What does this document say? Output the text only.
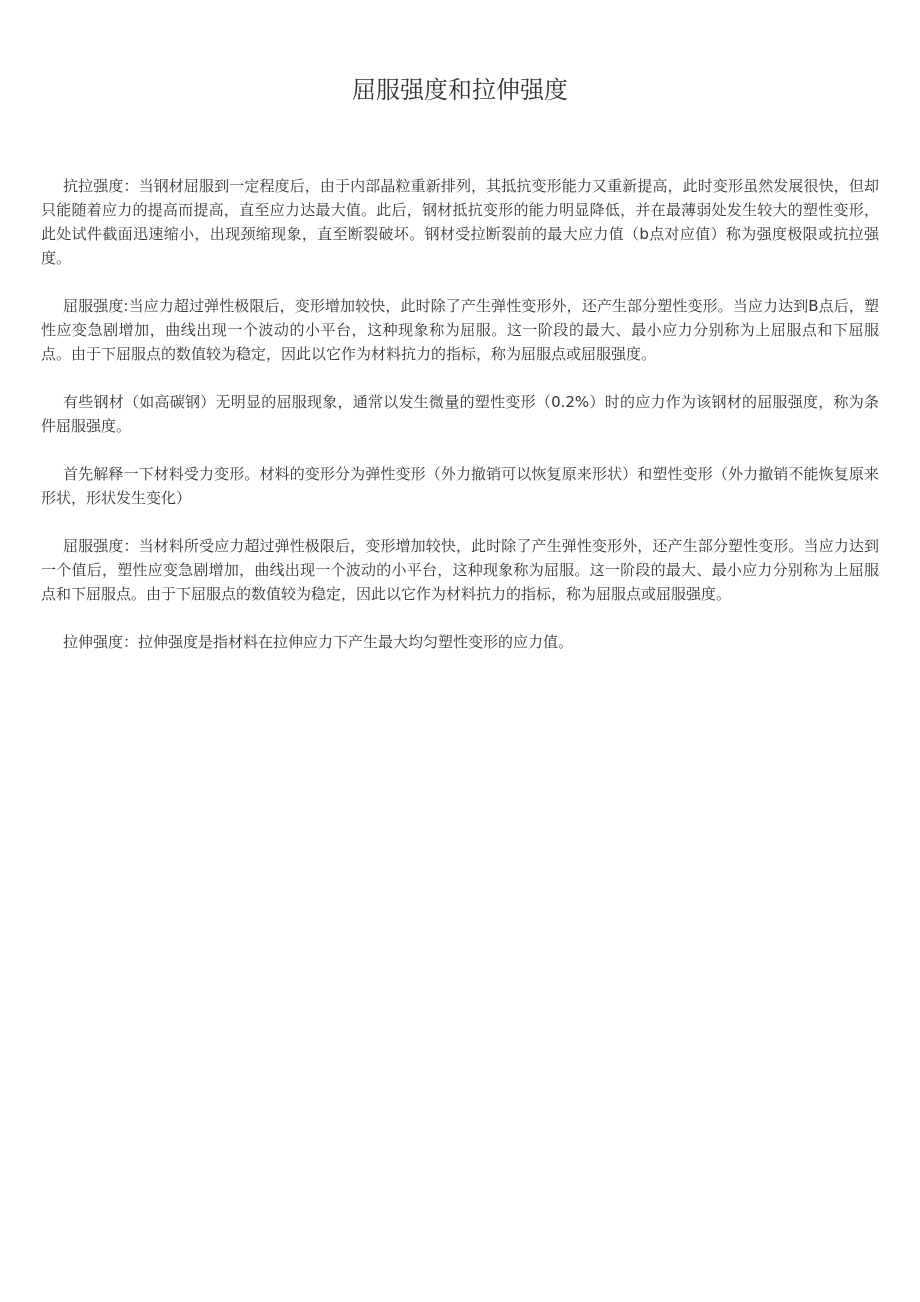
屈服强度和拉伸强度

抗拉强度：当钢材屈服到一定程度后，由于内部晶粒重新排列，其抵抗变形能力又重新提高，此时变形虽然发展很快，但却只能随着应力的提高而提高，直至应力达最大值。此后，钢材抵抗变形的能力明显降低，并在最薄弱处发生较大的塑性变形，此处试件截面迅速缩小，出现颈缩现象，直至断裂破坏。钢材受拉断裂前的最大应力值（b点对应值）称为强度极限或抗拉强度。

屈服强度:当应力超过弹性极限后，变形增加较快，此时除了产生弹性变形外，还产生部分塑性变形。当应力达到B点后，塑性应变急剧增加，曲线出现一个波动的小平台，这种现象称为屈服。这一阶段的最大、最小应力分别称为上屈服点和下屈服点。由于下屈服点的数值较为稳定，因此以它作为材料抗力的指标，称为屈服点或屈服强度。

有些钢材（如高碳钢）无明显的屈服现象，通常以发生微量的塑性变形（0.2%）时的应力作为该钢材的屈服强度，称为条件屈服强度。

首先解释一下材料受力变形。材料的变形分为弹性变形（外力撤销可以恢复原来形状）和塑性变形（外力撤销不能恢复原来形状，形状发生变化）

屈服强度：当材料所受应力超过弹性极限后，变形增加较快，此时除了产生弹性变形外，还产生部分塑性变形。当应力达到一个值后，塑性应变急剧增加，曲线出现一个波动的小平台，这种现象称为屈服。这一阶段的最大、最小应力分别称为上屈服点和下屈服点。由于下屈服点的数值较为稳定，因此以它作为材料抗力的指标，称为屈服点或屈服强度。

拉伸强度：拉伸强度是指材料在拉伸应力下产生最大均匀塑性变形的应力值。
